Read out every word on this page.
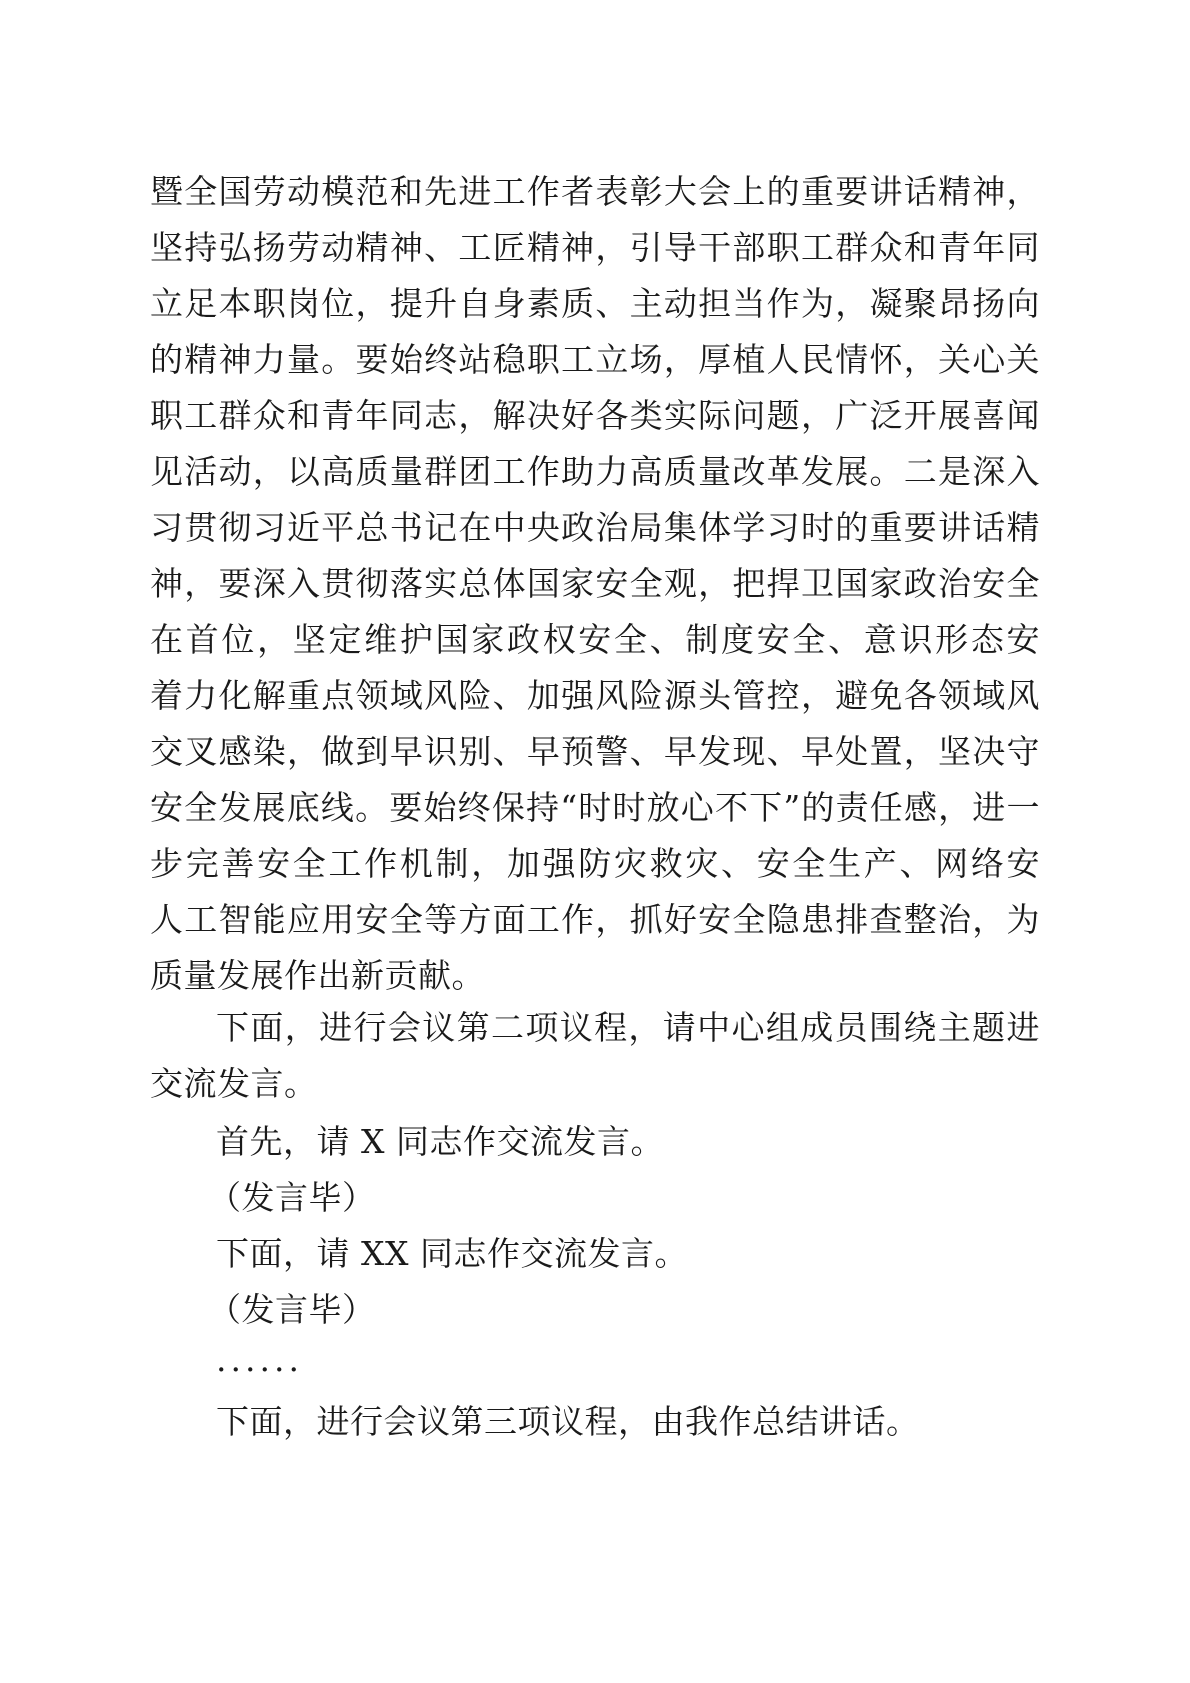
暨全国劳动模范和先进工作者表彰大会上的重要讲话精神，
坚持弘扬劳动精神、工匠精神，引导干部职工群众和青年同
立足本职岗位，提升自身素质、主动担当作为，凝聚昂扬向
的精神力量。要始终站稳职工立场，厚植人民情怀，关心关
职工群众和青年同志，解决好各类实际问题，广泛开展喜闻
见活动，以高质量群团工作助力高质量改革发展。二是深入
习贯彻习近平总书记在中央政治局集体学习时的重要讲话精
神，要深入贯彻落实总体国家安全观，把捍卫国家政治安全
在首位，坚定维护国家政权安全、制度安全、意识形态安
着力化解重点领域风险、加强风险源头管控，避免各领域风
交叉感染，做到早识别、早预警、早发现、早处置，坚决守
安全发展底线。要始终保持“时时放心不下”的责任感，进一
步完善安全工作机制，加强防灾救灾、安全生产、网络安
人工智能应用安全等方面工作，抓好安全隐患排查整治，为
质量发展作出新贡献。
下面，进行会议第二项议程，请中心组成员围绕主题进
交流发言。
首先，请 X 同志作交流发言。
（发言毕）
下面，请 XX 同志作交流发言。
（发言毕）
......
下面，进行会议第三项议程，由我作总结讲话。
